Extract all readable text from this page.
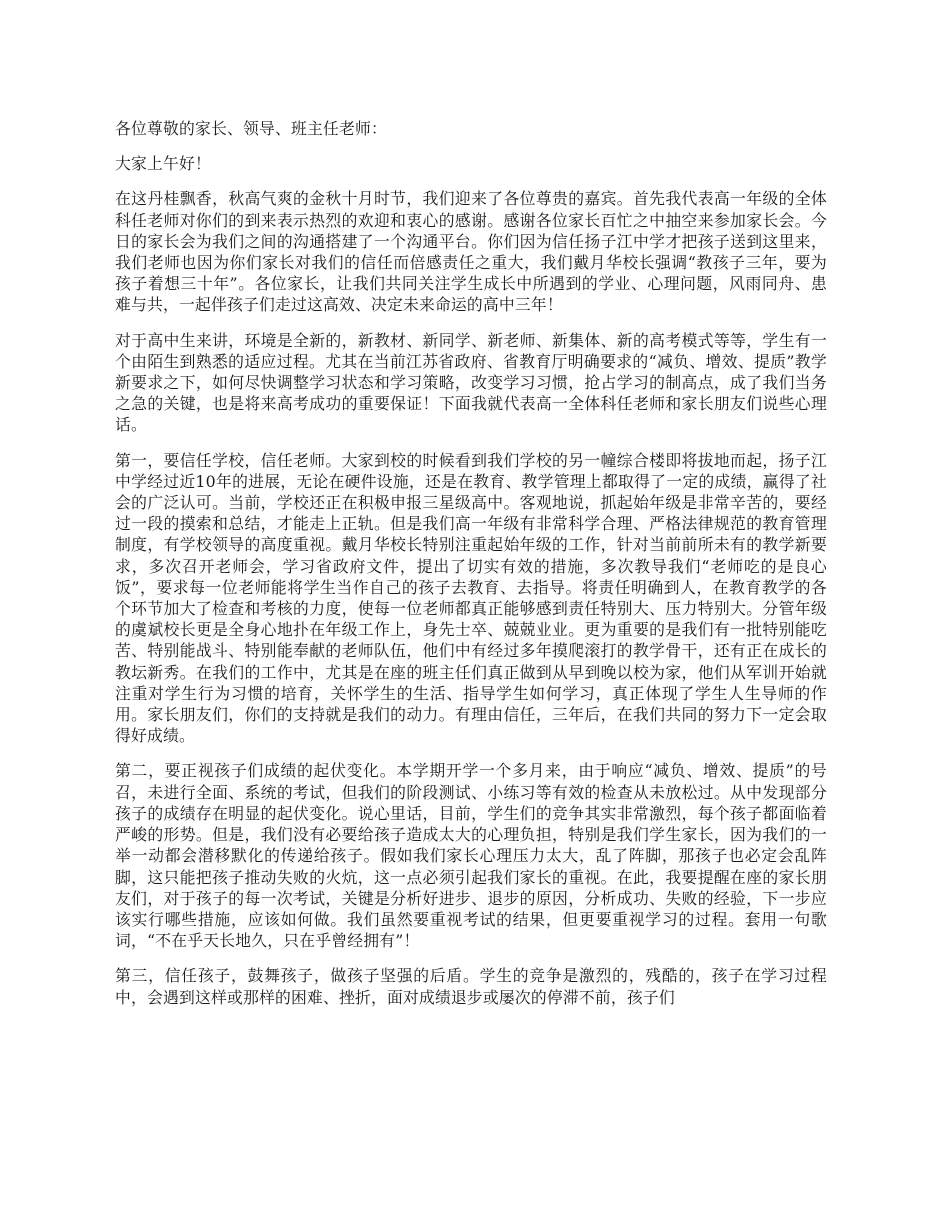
各位尊敬的家长、领导、班主任老师：

大家上午好！

在这丹桂飘香，秋高气爽的金秋十月时节，我们迎来了各位尊贵的嘉宾。首先我代表高一年级的全体科任老师对你们的到来表示热烈的欢迎和衷心的感谢。感谢各位家长百忙之中抽空来参加家长会。今日的家长会为我们之间的沟通搭建了一个沟通平台。你们因为信任扬子江中学才把孩子送到这里来，我们老师也因为你们家长对我们的信任而倍感责任之重大，我们戴月华校长强调“教孩子三年，要为孩子着想三十年”。各位家长，让我们共同关注学生成长中所遇到的学业、心理问题，风雨同舟、患难与共，一起伴孩子们走过这高效、决定未来命运的高中三年！

对于高中生来讲，环境是全新的，新教材、新同学、新老师、新集体、新的高考模式等等，学生有一个由陌生到熟悉的适应过程。尤其在当前江苏省政府、省教育厅明确要求的“减负、增效、提质”教学新要求之下，如何尽快调整学习状态和学习策略，改变学习习惯，抢占学习的制高点，成了我们当务之急的关键，也是将来高考成功的重要保证！下面我就代表高一全体科任老师和家长朋友们说些心理话。

第一，要信任学校，信任老师。大家到校的时候看到我们学校的另一幢综合楼即将拔地而起，扬子江中学经过近10年的进展，无论在硬件设施，还是在教育、教学管理上都取得了一定的成绩，赢得了社会的广泛认可。当前，学校还正在积极申报三星级高中。客观地说，抓起始年级是非常辛苦的，要经过一段的摸索和总结，才能走上正轨。但是我们高一年级有非常科学合理、严格法律规范的教育管理制度，有学校领导的高度重视。戴月华校长特别注重起始年级的工作，针对当前前所未有的教学新要求，多次召开老师会，学习省政府文件，提出了切实有效的措施，多次教导我们“老师吃的是良心饭”，要求每一位老师能将学生当作自己的孩子去教育、去指导。将责任明确到人，在教育教学的各个环节加大了检查和考核的力度，使每一位老师都真正能够感到责任特别大、压力特别大。分管年级的虞斌校长更是全身心地扑在年级工作上，身先士卒、兢兢业业。更为重要的是我们有一批特别能吃苦、特别能战斗、特别能奉献的老师队伍，他们中有经过多年摸爬滚打的教学骨干，还有正在成长的教坛新秀。在我们的工作中，尤其是在座的班主任们真正做到从早到晚以校为家，他们从军训开始就注重对学生行为习惯的培育，关怀学生的生活、指导学生如何学习，真正体现了学生人生导师的作用。家长朋友们，你们的支持就是我们的动力。有理由信任，三年后，在我们共同的努力下一定会取得好成绩。

第二，要正视孩子们成绩的起伏变化。本学期开学一个多月来，由于响应“减负、增效、提质”的号召，未进行全面、系统的考试，但我们的阶段测试、小练习等有效的检查从未放松过。从中发现部分孩子的成绩存在明显的起伏变化。说心里话，目前，学生们的竞争其实非常激烈，每个孩子都面临着严峻的形势。但是，我们没有必要给孩子造成太大的心理负担，特别是我们学生家长，因为我们的一举一动都会潜移默化的传递给孩子。假如我们家长心理压力太大，乱了阵脚，那孩子也必定会乱阵脚，这只能把孩子推动失败的火炕，这一点必须引起我们家长的重视。在此，我要提醒在座的家长朋友们，对于孩子的每一次考试，关键是分析好进步、退步的原因，分析成功、失败的经验，下一步应该实行哪些措施，应该如何做。我们虽然要重视考试的结果，但更要重视学习的过程。套用一句歌词，“不在乎天长地久，只在乎曾经拥有”！

第三，信任孩子，鼓舞孩子，做孩子坚强的后盾。学生的竞争是激烈的，残酷的，孩子在学习过程中，会遇到这样或那样的困难、挫折，面对成绩退步或屡次的停滞不前，孩子们
